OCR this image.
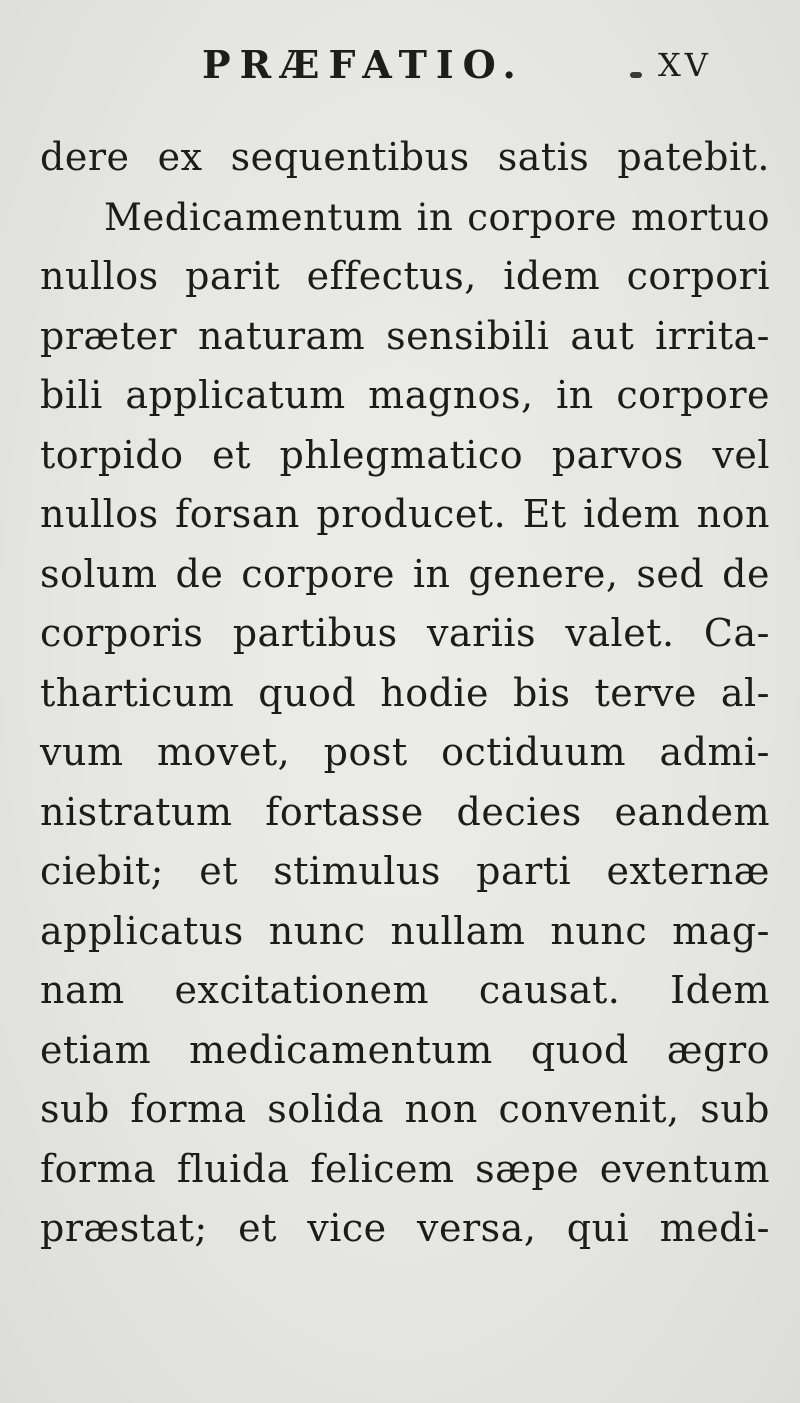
PRÆFATIO.	XV
dere ex sequentibus satis patebit.
Medicamentum in corpore mortuo
nullos parit effectus, idem corpori
præter naturam sensibili aut irrita-
bili applicatum magnos, in corpore
torpido et phlegmatico parvos vel
nullos forsan producet. Et idem non
solum de corpore in genere, sed de
corporis partibus variis valet. Ca-
tharticum quod hodie bis terve al-
vum movet, post octiduum admi-
nistratum fortasse decies eandem
ciebit; et stimulus parti externæ
applicatus nunc nullam nunc mag-
nam excitationem causat. Idem
etiam medicamentum quod ægro
sub forma solida non convenit, sub
forma fluida felicem sæpe eventum
præstat; et vice versa, qui medi-
